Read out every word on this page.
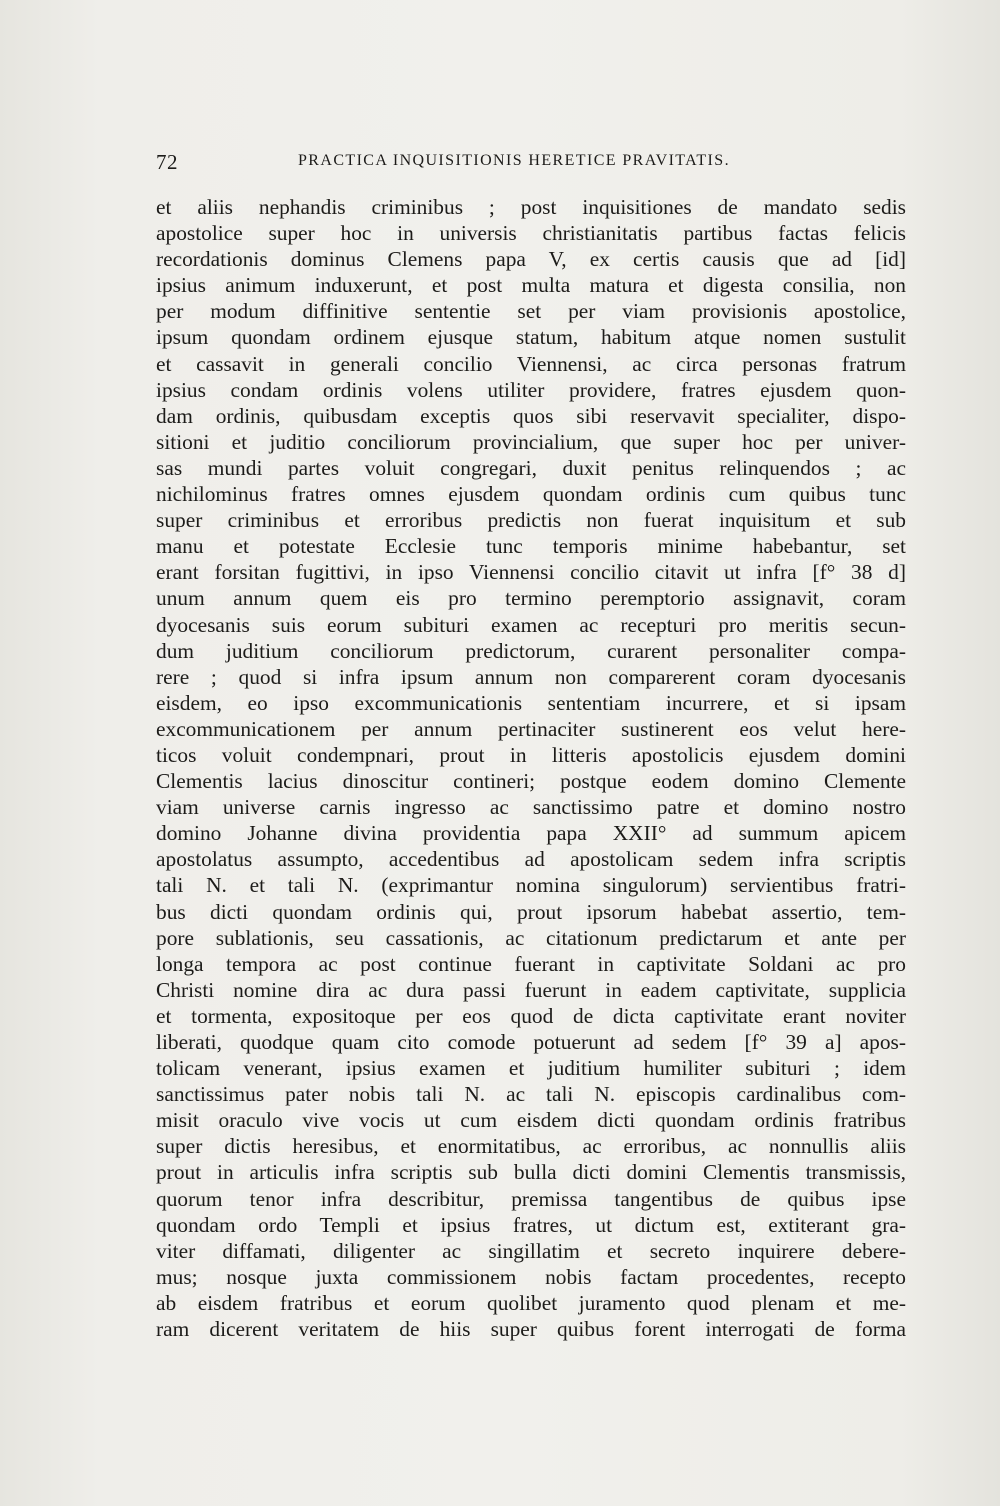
72	PRACTICA INQUISITIONIS HERETICE PRAVITATIS.
et aliis nephandis criminibus ; post inquisitiones de mandato sedis
apostolice super hoc in universis christianitatis partibus factas felicis
recordationis dominus Clemens papa V, ex certis causis que ad [id]
ipsius animum induxerunt, et post multa matura et digesta consilia, non
per modum diffinitive sententie set per viam provisionis apostolice,
ipsum quondam ordinem ejusque statum, habitum atque nomen sustulit
et cassavit in generali concilio Viennensi, ac circa personas fratrum
ipsius condam ordinis volens utiliter providere, fratres ejusdem quon-
dam ordinis, quibusdam exceptis quos sibi reservavit specialiter, dispo-
sitioni et juditio conciliorum provincialium, que super hoc per univer-
sas mundi partes voluit congregari, duxit penitus relinquendos ; ac
nichilominus fratres omnes ejusdem quondam ordinis cum quibus tunc
super criminibus et erroribus predictis non fuerat inquisitum et sub
manu et potestate Ecclesie tunc temporis minime habebantur, set
erant forsitan fugittivi, in ipso Viennensi concilio citavit ut infra [f° 38 d]
unum annum quem eis pro termino peremptorio assignavit, coram
dyocesanis suis eorum subituri examen ac recepturi pro meritis secun-
dum juditium conciliorum predictorum, curarent personaliter compa-
rere ; quod si infra ipsum annum non comparerent coram dyocesanis
eisdem, eo ipso excommunicationis sententiam incurrere, et si ipsam
excommunicationem per annum pertinaciter sustinerent eos velut here-
ticos voluit condempnari, prout in litteris apostolicis ejusdem domini
Clementis lacius dinoscitur contineri; postque eodem domino Clemente
viam universe carnis ingresso ac sanctissimo patre et domino nostro
domino Johanne divina providentia papa XXII° ad summum apicem
apostolatus assumpto, accedentibus ad apostolicam sedem infra scriptis
tali N. et tali N. (exprimantur nomina singulorum) servientibus fratri-
bus dicti quondam ordinis qui, prout ipsorum habebat assertio, tem-
pore sublationis, seu cassationis, ac citationum predictarum et ante per
longa tempora ac post continue fuerant in captivitate Soldani ac pro
Christi nomine dira ac dura passi fuerunt in eadem captivitate, supplicia
et tormenta, expositoque per eos quod de dicta captivitate erant noviter
liberati, quodque quam cito comode potuerunt ad sedem [f° 39 a] apos-
tolicam venerant, ipsius examen et juditium humiliter subituri ; idem
sanctissimus pater nobis tali N. ac tali N. episcopis cardinalibus com-
misit oraculo vive vocis ut cum eisdem dicti quondam ordinis fratribus
super dictis heresibus, et enormitatibus, ac erroribus, ac nonnullis aliis
prout in articulis infra scriptis sub bulla dicti domini Clementis transmissis,
quorum tenor infra describitur, premissa tangentibus de quibus ipse
quondam ordo Templi et ipsius fratres, ut dictum est, extiterant gra-
viter diffamati, diligenter ac singillatim et secreto inquirere debere-
mus; nosque juxta commissionem nobis factam procedentes, recepto
ab eisdem fratribus et eorum quolibet juramento quod plenam et me-
ram dicerent veritatem de hiis super quibus forent interrogati de forma
